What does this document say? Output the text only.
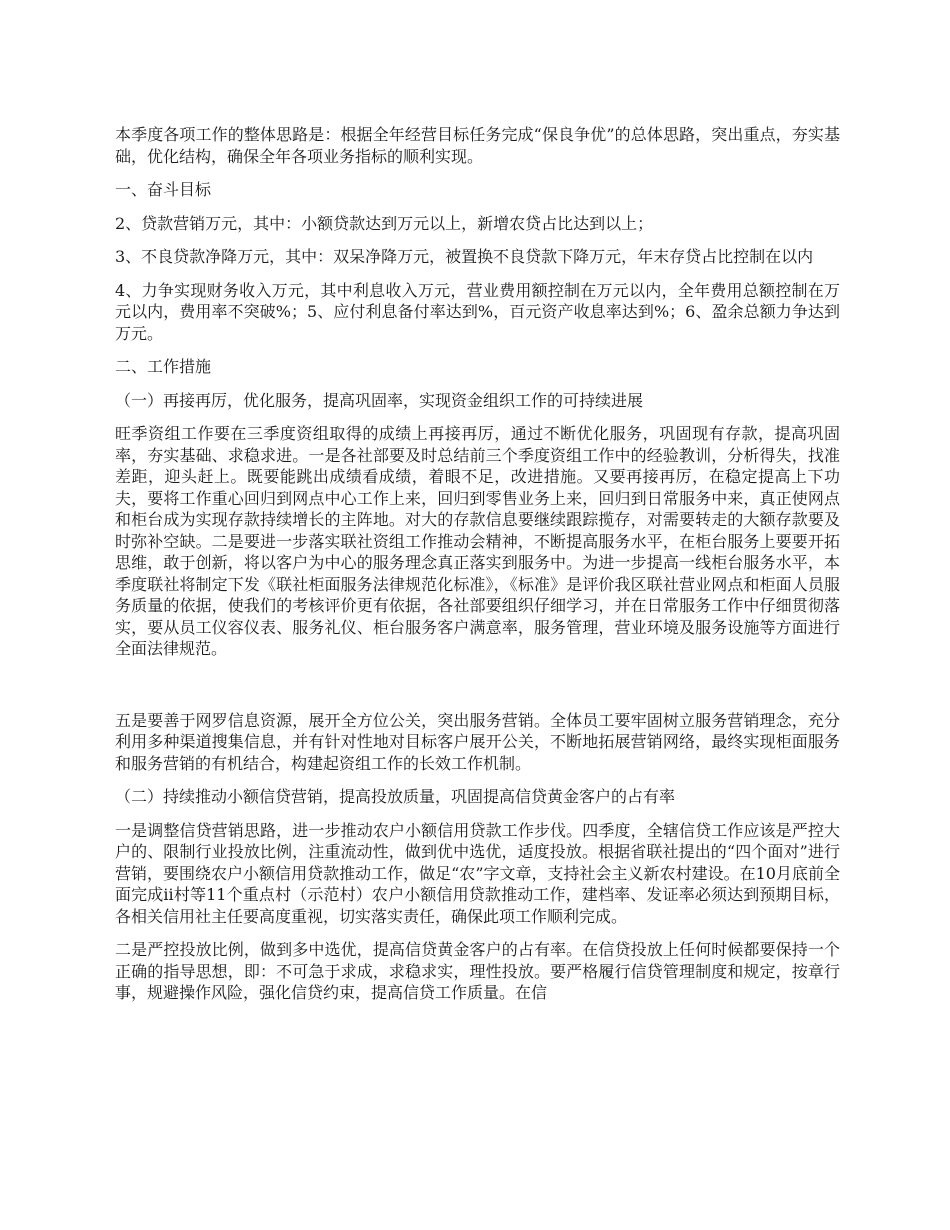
本季度各项工作的整体思路是：根据全年经营目标任务完成“保良争优”的总体思路，突出重点，夯实基础，优化结构，确保全年各项业务指标的顺利实现。

一、奋斗目标

2、贷款营销万元，其中：小额贷款达到万元以上，新增农贷占比达到以上；

3、不良贷款净降万元，其中：双呆净降万元，被置换不良贷款下降万元，年末存贷占比控制在以内

4、力争实现财务收入万元，其中利息收入万元，营业费用额控制在万元以内，全年费用总额控制在万元以内，费用率不突破%；5、应付利息备付率达到%，百元资产收息率达到%；6、盈余总额力争达到万元。

二、工作措施

（一）再接再厉，优化服务，提高巩固率，实现资金组织工作的可持续进展

旺季资组工作要在三季度资组取得的成绩上再接再厉，通过不断优化服务，巩固现有存款，提高巩固率，夯实基础、求稳求进。一是各社部要及时总结前三个季度资组工作中的经验教训，分析得失，找准差距，迎头赶上。既要能跳出成绩看成绩，着眼不足，改进措施。又要再接再厉，在稳定提高上下功夫，要将工作重心回归到网点中心工作上来，回归到零售业务上来，回归到日常服务中来，真正使网点和柜台成为实现存款持续增长的主阵地。对大的存款信息要继续跟踪揽存，对需要转走的大额存款要及时弥补空缺。二是要进一步落实联社资组工作推动会精神，不断提高服务水平，在柜台服务上要要开拓思维，敢于创新，将以客户为中心的服务理念真正落实到服务中。为进一步提高一线柜台服务水平，本季度联社将制定下发《联社柜面服务法律规范化标准》，《标准》是评价我区联社营业网点和柜面人员服务质量的依据，使我们的考核评价更有依据，各社部要组织仔细学习，并在日常服务工作中仔细贯彻落实，要从员工仪容仪表、服务礼仪、柜台服务客户满意率，服务管理，营业环境及服务设施等方面进行全面法律规范。

五是要善于网罗信息资源，展开全方位公关，突出服务营销。全体员工要牢固树立服务营销理念，充分利用多种渠道搜集信息，并有针对性地对目标客户展开公关，不断地拓展营销网络，最终实现柜面服务和服务营销的有机结合，构建起资组工作的长效工作机制。

（二）持续推动小额信贷营销，提高投放质量，巩固提高信贷黄金客户的占有率

一是调整信贷营销思路，进一步推动农户小额信用贷款工作步伐。四季度，全辖信贷工作应该是严控大户的、限制行业投放比例，注重流动性，做到优中选优，适度投放。根据省联社提出的“四个面对”进行营销，要围绕农户小额信用贷款推动工作，做足“农”字文章，支持社会主义新农村建设。在10月底前全面完成ii村等11个重点村（示范村）农户小额信用贷款推动工作，建档率、发证率必须达到预期目标，各相关信用社主任要高度重视，切实落实责任，确保此项工作顺利完成。

二是严控投放比例，做到多中选优，提高信贷黄金客户的占有率。在信贷投放上任何时候都要保持一个正确的指导思想，即：不可急于求成，求稳求实，理性投放。要严格履行信贷管理制度和规定，按章行事，规避操作风险，强化信贷约束，提高信贷工作质量。在信
